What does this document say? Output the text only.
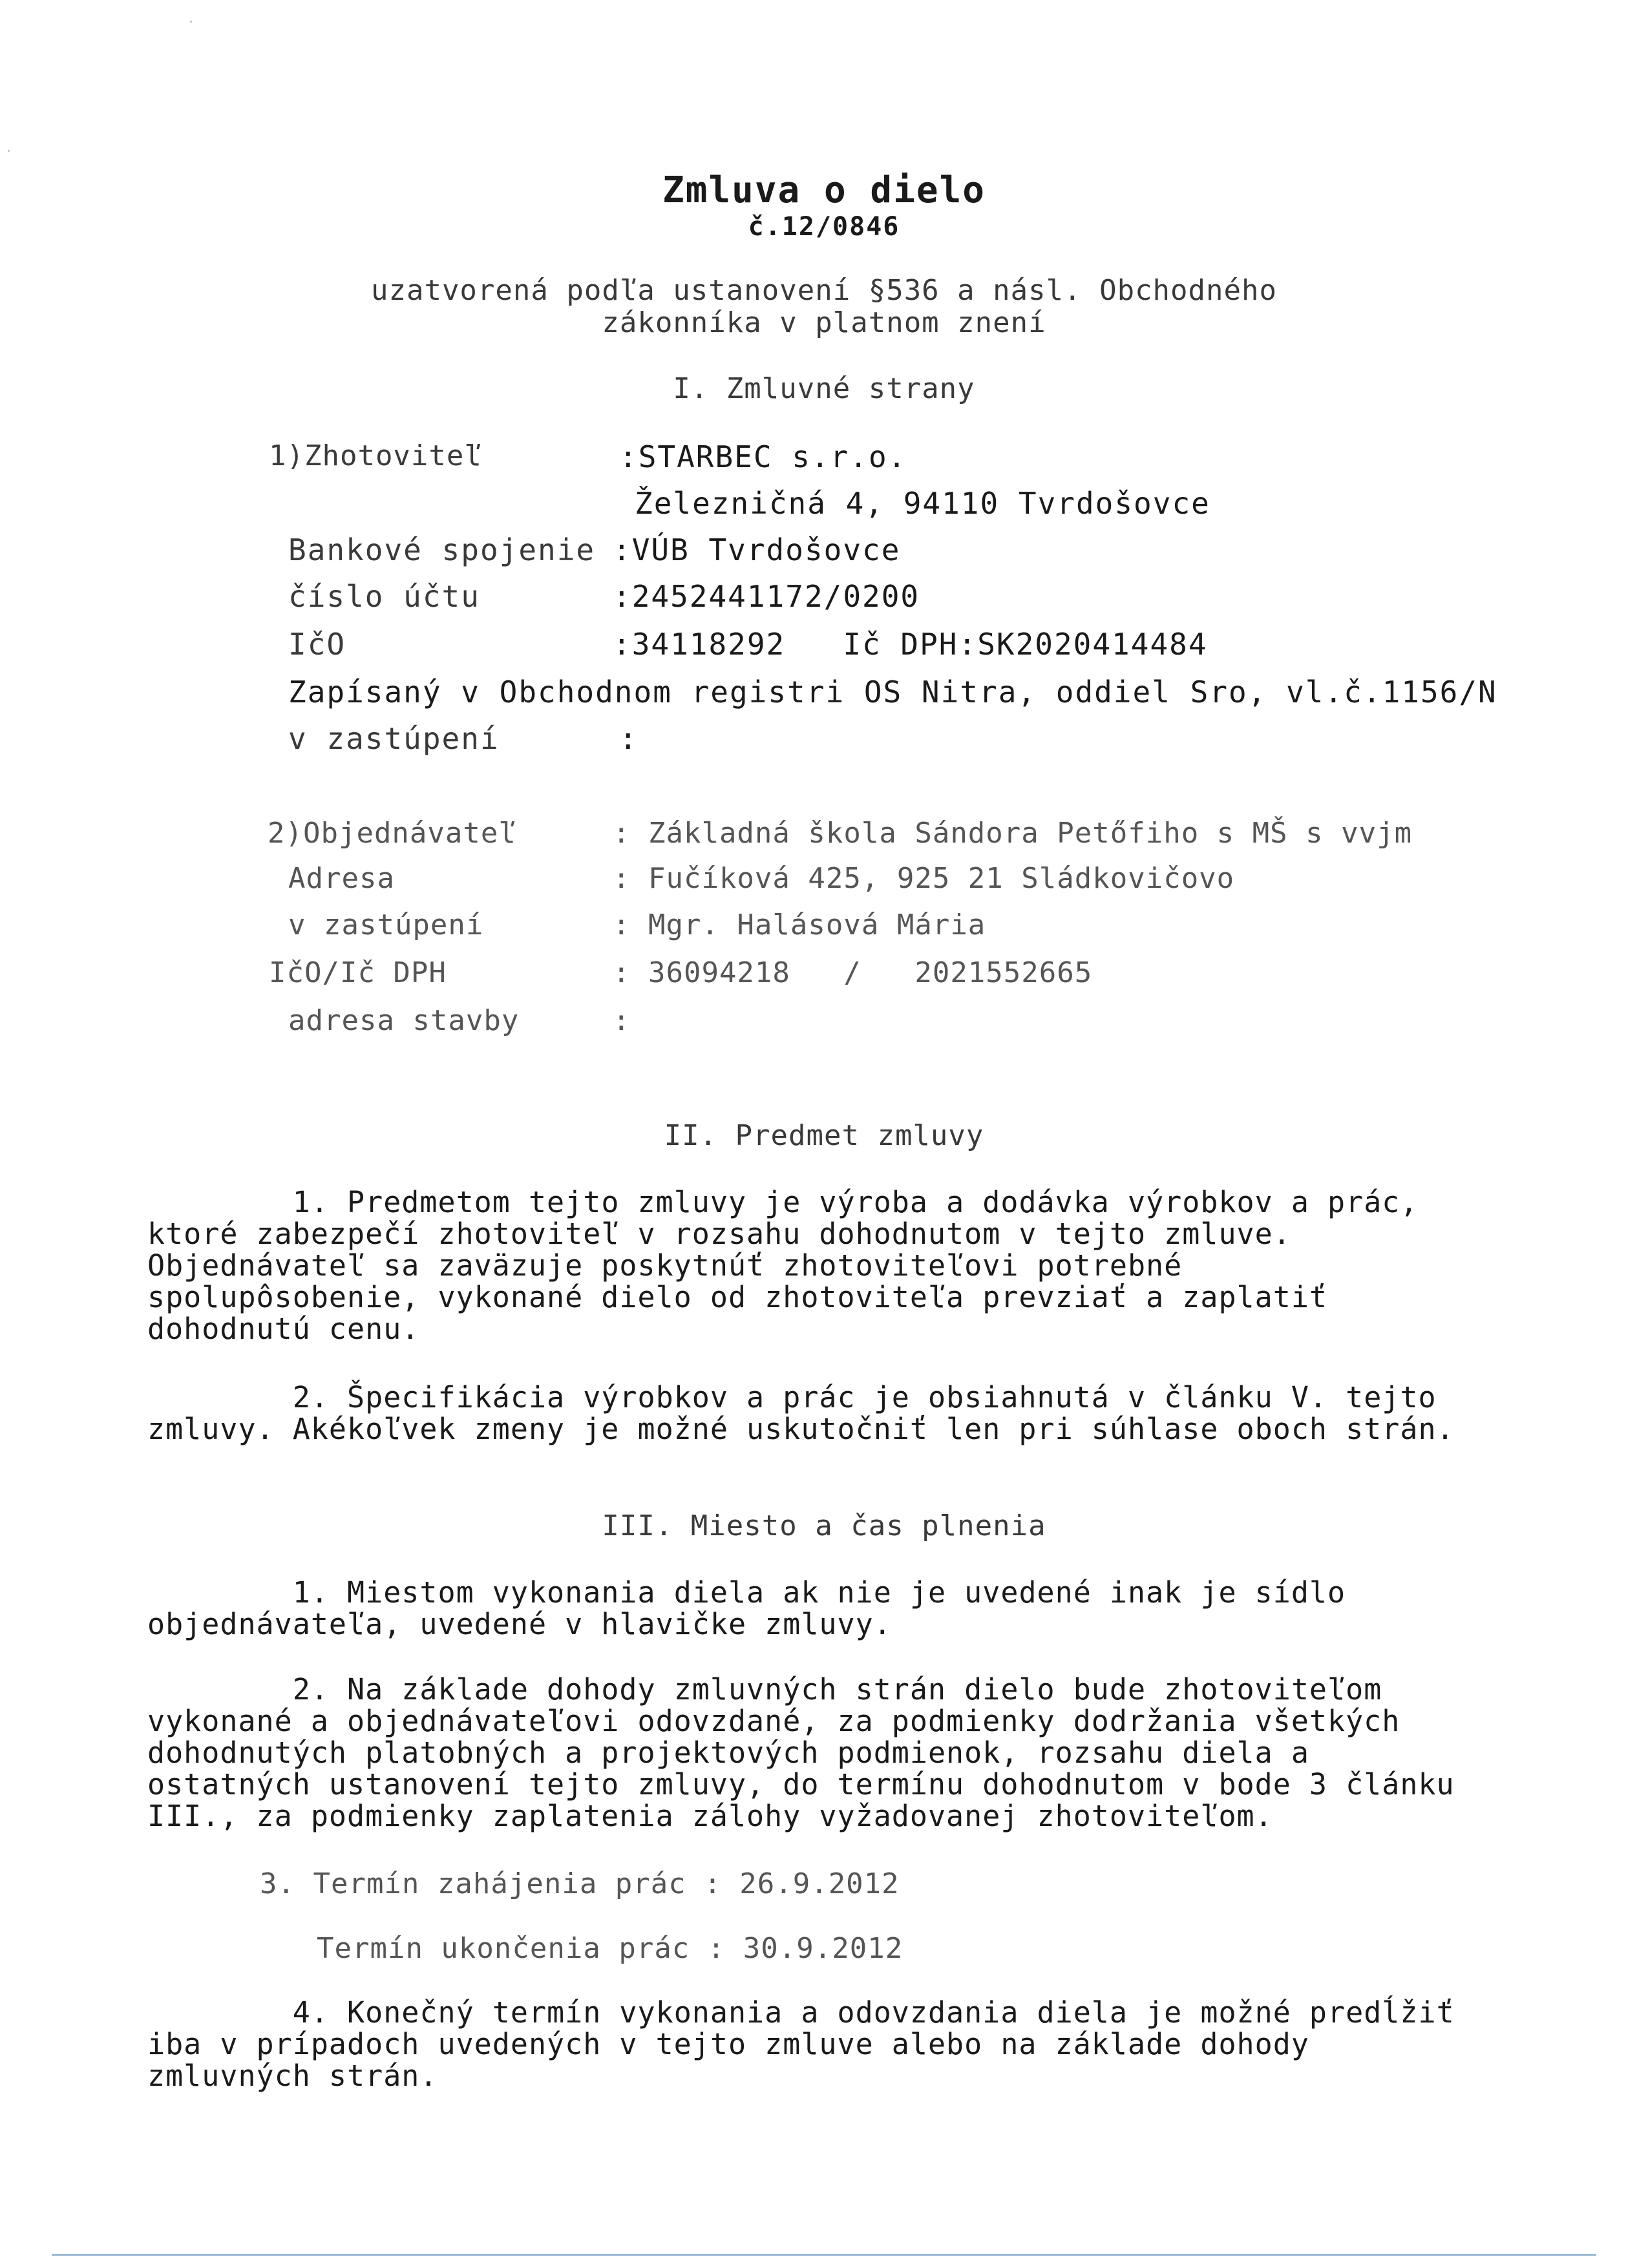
Zmluva o dielo
č.12/0846
uzatvorená podľa ustanovení §536 a násl. Obchodného
zákonníka v platnom znení
I. Zmluvné strany
1)Zhotoviteľ	:STARBEC s.r.o.
Železničná 4, 94110 Tvrdošovce
Bankové spojenie :VÚB Tvrdošovce
číslo účtu	:2452441172/0200
IčO	:34118292   Ič DPH:SK2020414484
Zapísaný v Obchodnom registri OS Nitra, oddiel Sro, vl.č.1156/N
v zastúpení	:
2)Objednávateľ	: Základná škola Sándora Petőfiho s MŠ s vvjm
Adresa	: Fučíková 425, 925 21 Sládkovičovo
v zastúpení	: Mgr. Halásová Mária
IčO/Ič DPH	: 36094218   /   2021552665
adresa stavby	:
II. Predmet zmluvy

1. Predmetom tejto zmluvy je výroba a dodávka výrobkov a prác,
ktoré zabezpečí zhotoviteľ v rozsahu dohodnutom v tejto zmluve.
Objednávateľ sa zaväzuje poskytnúť zhotoviteľovi potrebné
spolupôsobenie, vykonané dielo od zhotoviteľa prevziať a zaplatiť
dohodnutú cenu.

2. Špecifikácia výrobkov a prác je obsiahnutá v článku V. tejto
zmluvy. Akékoľvek zmeny je možné uskutočniť len pri súhlase oboch strán.

III. Miesto a čas plnenia

1. Miestom vykonania diela ak nie je uvedené inak je sídlo
objednávateľa, uvedené v hlavičke zmluvy.

2. Na základe dohody zmluvných strán dielo bude zhotoviteľom
vykonané a objednávateľovi odovzdané, za podmienky dodržania všetkých
dohodnutých platobných a projektových podmienok, rozsahu diela a
ostatných ustanovení tejto zmluvy, do termínu dohodnutom v bode 3 článku
III., za podmienky zaplatenia zálohy vyžadovanej zhotoviteľom.

3. Termín zahájenia prác : 26.9.2012
Termín ukončenia prác : 30.9.2012

4. Konečný termín vykonania a odovzdania diela je možné predĺžiť
iba v prípadoch uvedených v tejto zmluve alebo na základe dohody
zmluvných strán.
